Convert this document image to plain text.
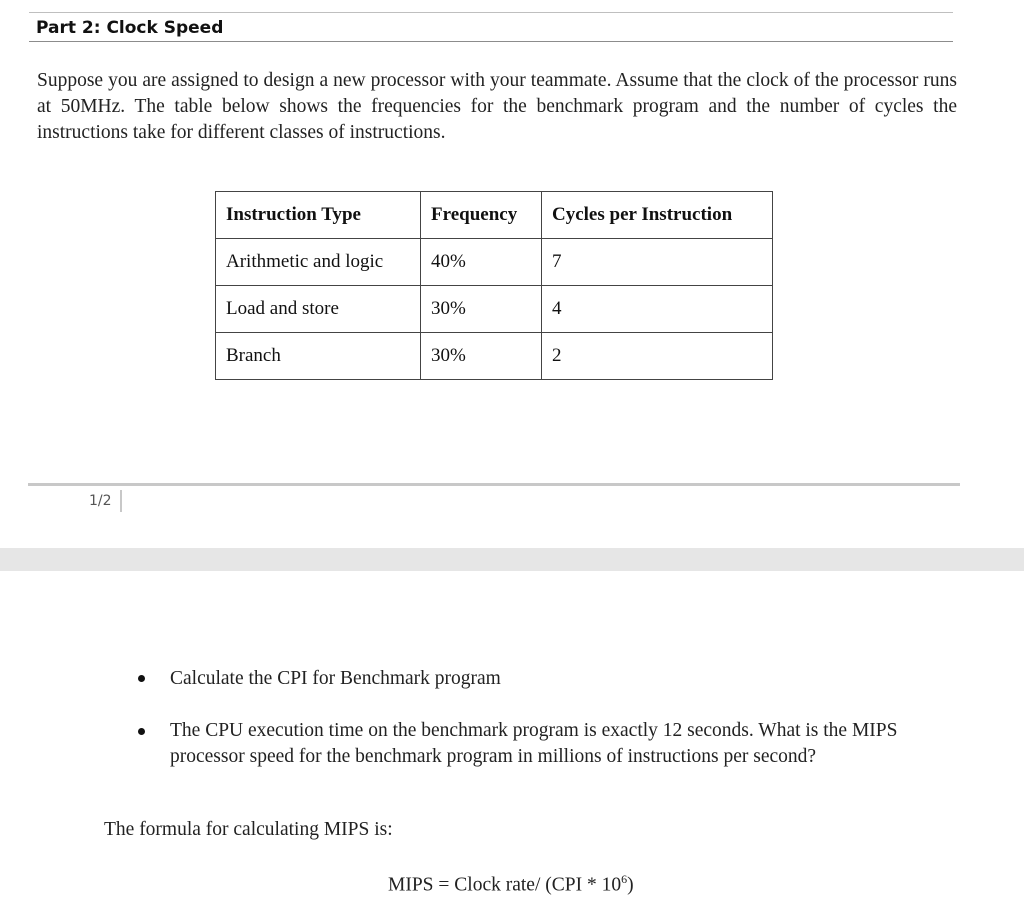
Part 2: Clock Speed
Suppose you are assigned to design a new processor with your teammate. Assume that the clock of the processor runs at 50MHz. The table below shows the frequencies for the benchmark program and the number of cycles the instructions take for different classes of instructions.
Instruction Type	Frequency	Cycles per Instruction
Arithmetic and logic	40%	7
Load and store	30%	4
Branch	30%	2
1/2
Calculate the CPI for Benchmark program
The CPU execution time on the benchmark program is exactly 12 seconds. What is the MIPS processor speed for the benchmark program in millions of instructions per second?
The formula for calculating MIPS is:
MIPS = Clock rate/ $(CPI * 10^6)$
